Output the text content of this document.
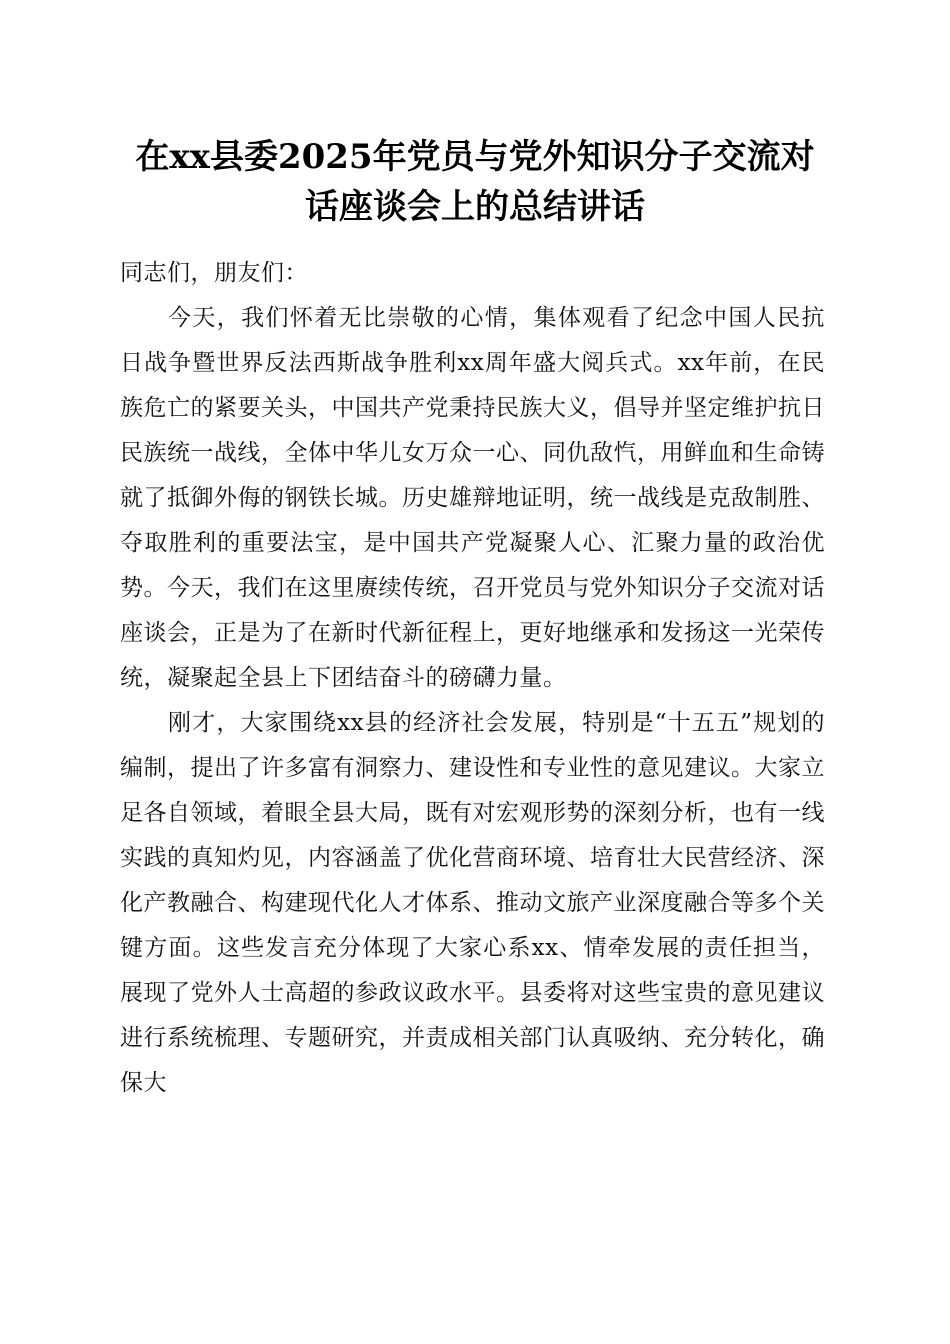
在xx县委2025年党员与党外知识分子交流对
话座谈会上的总结讲话

同志们，朋友们：

今天，我们怀着无比崇敬的心情，集体观看了纪念中国人民抗日战争暨世界反法西斯战争胜利xx周年盛大阅兵式。xx年前，在民族危亡的紧要关头，中国共产党秉持民族大义，倡导并坚定维护抗日民族统一战线，全体中华儿女万众一心、同仇敌忾，用鲜血和生命铸就了抵御外侮的钢铁长城。历史雄辩地证明，统一战线是克敌制胜、夺取胜利的重要法宝，是中国共产党凝聚人心、汇聚力量的政治优势。今天，我们在这里赓续传统，召开党员与党外知识分子交流对话座谈会，正是为了在新时代新征程上，更好地继承和发扬这一光荣传统，凝聚起全县上下团结奋斗的磅礴力量。

刚才，大家围绕xx县的经济社会发展，特别是“十五五”规划的编制，提出了许多富有洞察力、建设性和专业性的意见建议。大家立足各自领域，着眼全县大局，既有对宏观形势的深刻分析，也有一线实践的真知灼见，内容涵盖了优化营商环境、培育壮大民营经济、深化产教融合、构建现代化人才体系、推动文旅产业深度融合等多个关键方面。这些发言充分体现了大家心系xx、情牵发展的责任担当，展现了党外人士高超的参政议政水平。县委将对这些宝贵的意见建议进行系统梳理、专题研究，并责成相关部门认真吸纳、充分转化，确保大
